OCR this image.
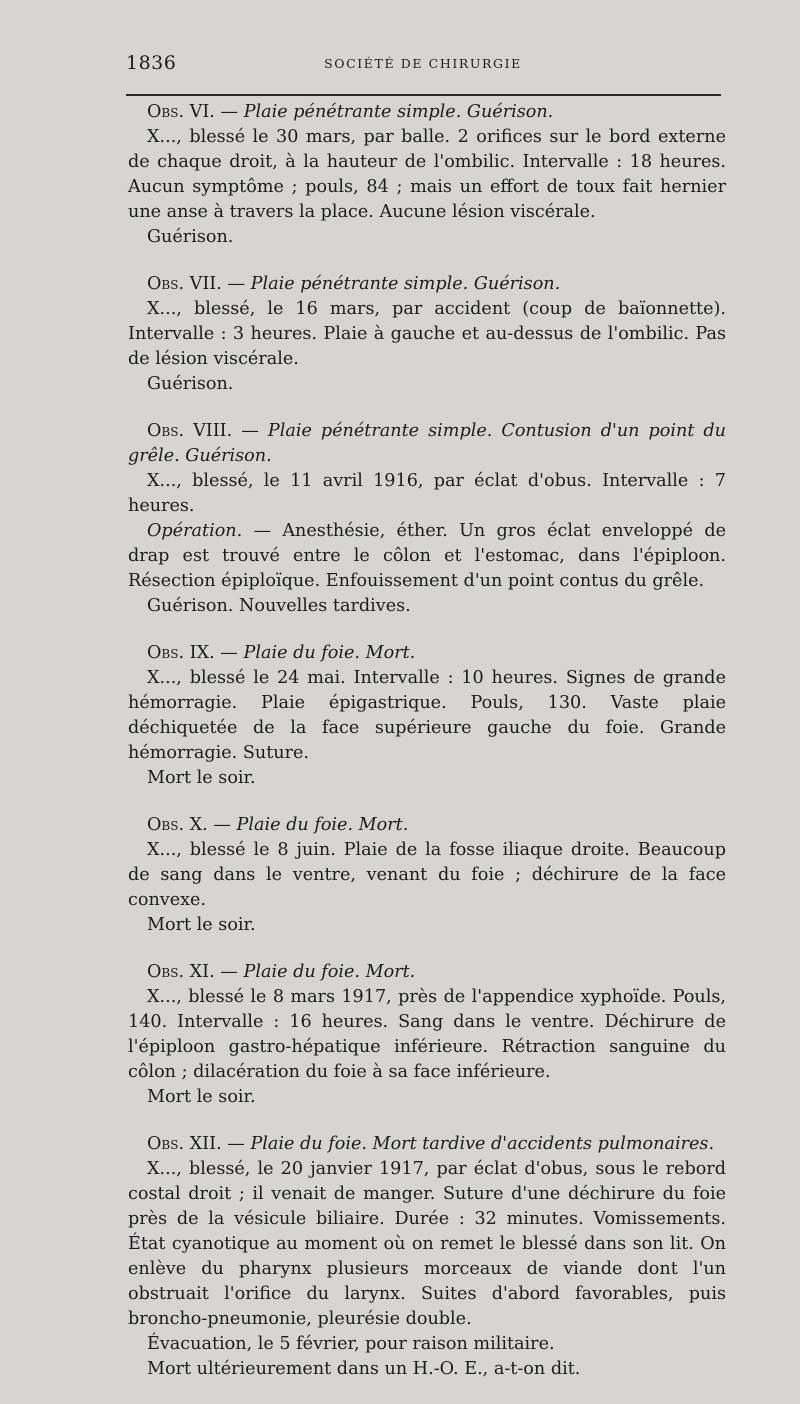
1836	SOCIÉTÉ DE CHIRURGIE

Obs. VI. — Plaie pénétrante simple. Guérison.

X..., blessé le 30 mars, par balle. 2 orifices sur le bord externe de chaque droit, à la hauteur de l'ombilic. Intervalle : 18 heures. Aucun symptôme ; pouls, 84 ; mais un effort de toux fait hernier une anse à travers la place. Aucune lésion viscérale.

Guérison.

Obs. VII. — Plaie pénétrante simple. Guérison.

X..., blessé, le 16 mars, par accident (coup de baïonnette). Intervalle : 3 heures. Plaie à gauche et au-dessus de l'ombilic. Pas de lésion viscérale.

Guérison.

Obs. VIII. — Plaie pénétrante simple. Contusion d'un point du grêle. Guérison.

X..., blessé, le 11 avril 1916, par éclat d'obus. Intervalle : 7 heures.

Opération. — Anesthésie, éther. Un gros éclat enveloppé de drap est trouvé entre le côlon et l'estomac, dans l'épiploon. Résection épiploïque. Enfouissement d'un point contus du grêle.

Guérison. Nouvelles tardives.

Obs. IX. — Plaie du foie. Mort.

X..., blessé le 24 mai. Intervalle : 10 heures. Signes de grande hémorragie. Plaie épigastrique. Pouls, 130. Vaste plaie déchiquetée de la face supérieure gauche du foie. Grande hémorragie. Suture.

Mort le soir.

Obs. X. — Plaie du foie. Mort.

X..., blessé le 8 juin. Plaie de la fosse iliaque droite. Beaucoup de sang dans le ventre, venant du foie ; déchirure de la face convexe.

Mort le soir.

Obs. XI. — Plaie du foie. Mort.

X..., blessé le 8 mars 1917, près de l'appendice xyphoïde. Pouls, 140. Intervalle : 16 heures. Sang dans le ventre. Déchirure de l'épiploon gastro-hépatique inférieure. Rétraction sanguine du côlon ; dilacération du foie à sa face inférieure.

Mort le soir.

Obs. XII. — Plaie du foie. Mort tardive d'accidents pulmonaires.

X..., blessé, le 20 janvier 1917, par éclat d'obus, sous le rebord costal droit ; il venait de manger. Suture d'une déchirure du foie près de la vésicule biliaire. Durée : 32 minutes. Vomissements. État cyanotique au moment où on remet le blessé dans son lit. On enlève du pharynx plusieurs morceaux de viande dont l'un obstruait l'orifice du larynx. Suites d'abord favorables, puis broncho-pneumonie, pleurésie double.

Évacuation, le 5 février, pour raison militaire.

Mort ultérieurement dans un H.-O. E., a-t-on dit.
